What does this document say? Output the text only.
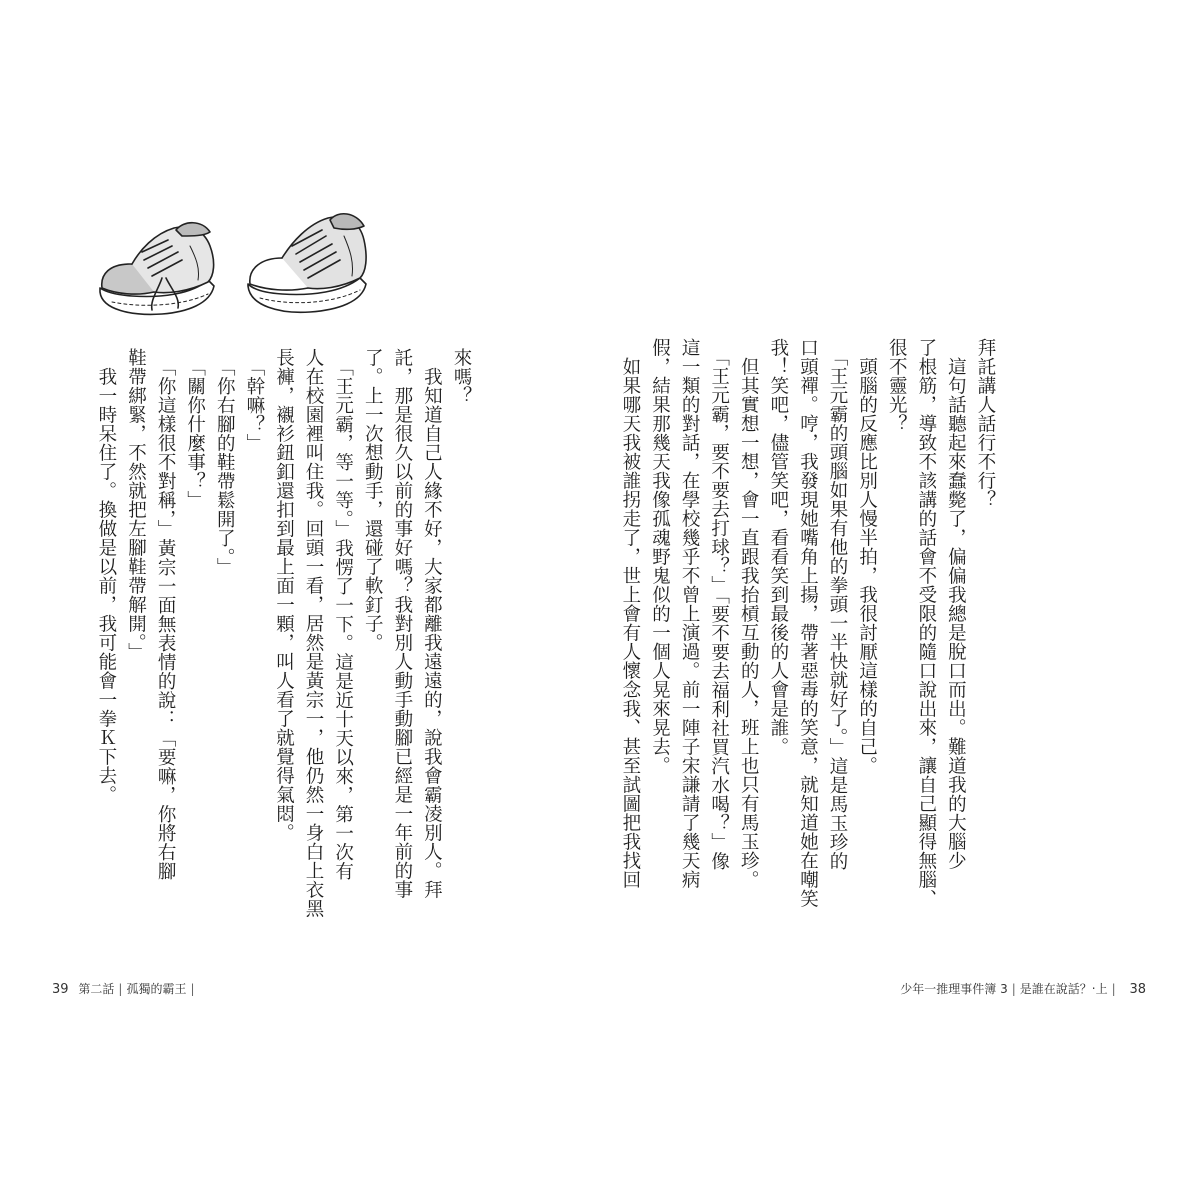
來嗎？

　我知道自己人緣不好，大家都離我遠遠的，說我會霸凌別人。拜

託，那是很久以前的事好嗎？我對別人動手動腳已經是一年前的事

了。上一次想動手，還碰了軟釘子。

　「王元霸，等一等。」我愣了一下。這是近十天以來，第一次有

人在校園裡叫住我。回頭一看，居然是黃宗一，他仍然一身白上衣黑

長褲，襯衫鈕釦還扣到最上面一顆，叫人看了就覺得氣悶。

　「幹嘛？」

　「你右腳的鞋帶鬆開了。」

　「關你什麼事？」

　「你這樣很不對稱，」黃宗一面無表情的說：「要嘛，你將右腳

鞋帶綁緊，不然就把左腳鞋帶解開。」

　我一時呆住了。換做是以前，我可能會一拳Ｋ下去。	拜託講人話行不行？

　這句話聽起來蠢斃了，偏偏我總是脫口而出。難道我的大腦少

了根筋，導致不該講的話會不受限的隨口說出來，讓自己顯得無腦、

很不靈光？

　頭腦的反應比別人慢半拍，我很討厭這樣的自己。

　「王元霸的頭腦如果有他的拳頭一半快就好了。」這是馬玉珍的

口頭禪。哼，我發現她嘴角上揚，帶著惡毒的笑意，就知道她在嘲笑

我！笑吧，儘管笑吧，看看笑到最後的人會是誰。

　但其實想一想，會一直跟我抬槓互動的人，班上也只有馬玉珍。

　「王元霸，要不要去打球？」「要不要去福利社買汽水喝？」像

這一類的對話，在學校幾乎不曾上演過。前一陣子宋謙請了幾天病

假，結果那幾天我像孤魂野鬼似的一個人晃來晃去。

　如果哪天我被誰拐走了，世上會有人懷念我、甚至試圖把我找回

39 第二話 | 孤獨的霸王 |	少年一推理事件簿 3 | 是誰在說話？‧上 | 38
